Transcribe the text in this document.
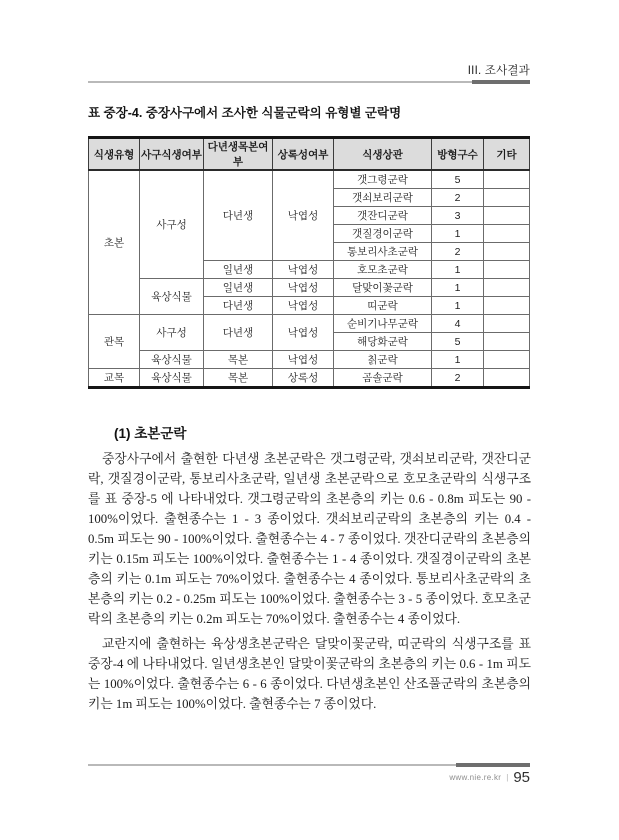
III. 조사결과
표 중장-4. 중장사구에서 조사한 식물군락의 유형별 군락명
식생유형	사구식생여부	다년생목본여부	상록성여부	식생상관	방형구수	기타
초본	사구성	다년생	낙엽성	갯그령군락	5	
				갯쇠보리군락	2	
				갯잔디군락	3	
				갯질경이군락	1	
				통보리사초군락	2	
		일년생	낙엽성	호모초군락	1	
	육상식물	일년생	낙엽성	달맞이꽃군락	1	
		다년생	낙엽성	띠군락	1	
관목	사구성	다년생	낙엽성	순비기나무군락	4	
				해당화군락	5	
	육상식물	목본	낙엽성	칡군락	1	
교목	육상식물	목본	상록성	곰솔군락	2	
(1) 초본군락

중장사구에서 출현한 다년생 초본군락은 갯그령군락, 갯쇠보리군락, 갯잔디군락, 갯질경이군락, 통보리사초군락, 일년생 초본군락으로 호모초군락의 식생구조를 표 중장-5 에 나타내었다. 갯그령군락의 초본층의 키는 0.6 - 0.8m 피도는 90 - 100%이었다. 출현종수는 1 - 3 종이었다. 갯쇠보리군락의 초본층의 키는 0.4 - 0.5m 피도는 90 - 100%이었다. 출현종수는 4 - 7 종이었다. 갯잔디군락의 초본층의 키는 0.15m 피도는 100%이었다. 출현종수는 1 - 4 종이었다. 갯질경이군락의 초본층의 키는 0.1m 피도는 70%이었다. 출현종수는 4 종이었다. 통보리사초군락의 초본층의 키는 0.2 - 0.25m 피도는 100%이었다. 출현종수는 3 - 5 종이었다. 호모초군락의 초본층의 키는 0.2m 피도는 70%이었다. 출현종수는 4 종이었다.

교란지에 출현하는 육상생초본군락은 달맞이꽃군락, 띠군락의 식생구조를 표 중장-4 에 나타내었다. 일년생초본인 달맞이꽃군락의 초본층의 키는 0.6 - 1m 피도는 100%이었다. 출현종수는 6 - 6 종이었다. 다년생초본인 산조풀군락의 초본층의 키는 1m 피도는 100%이었다. 출현종수는 7 종이었다.

www.nie.re.kr | 95
